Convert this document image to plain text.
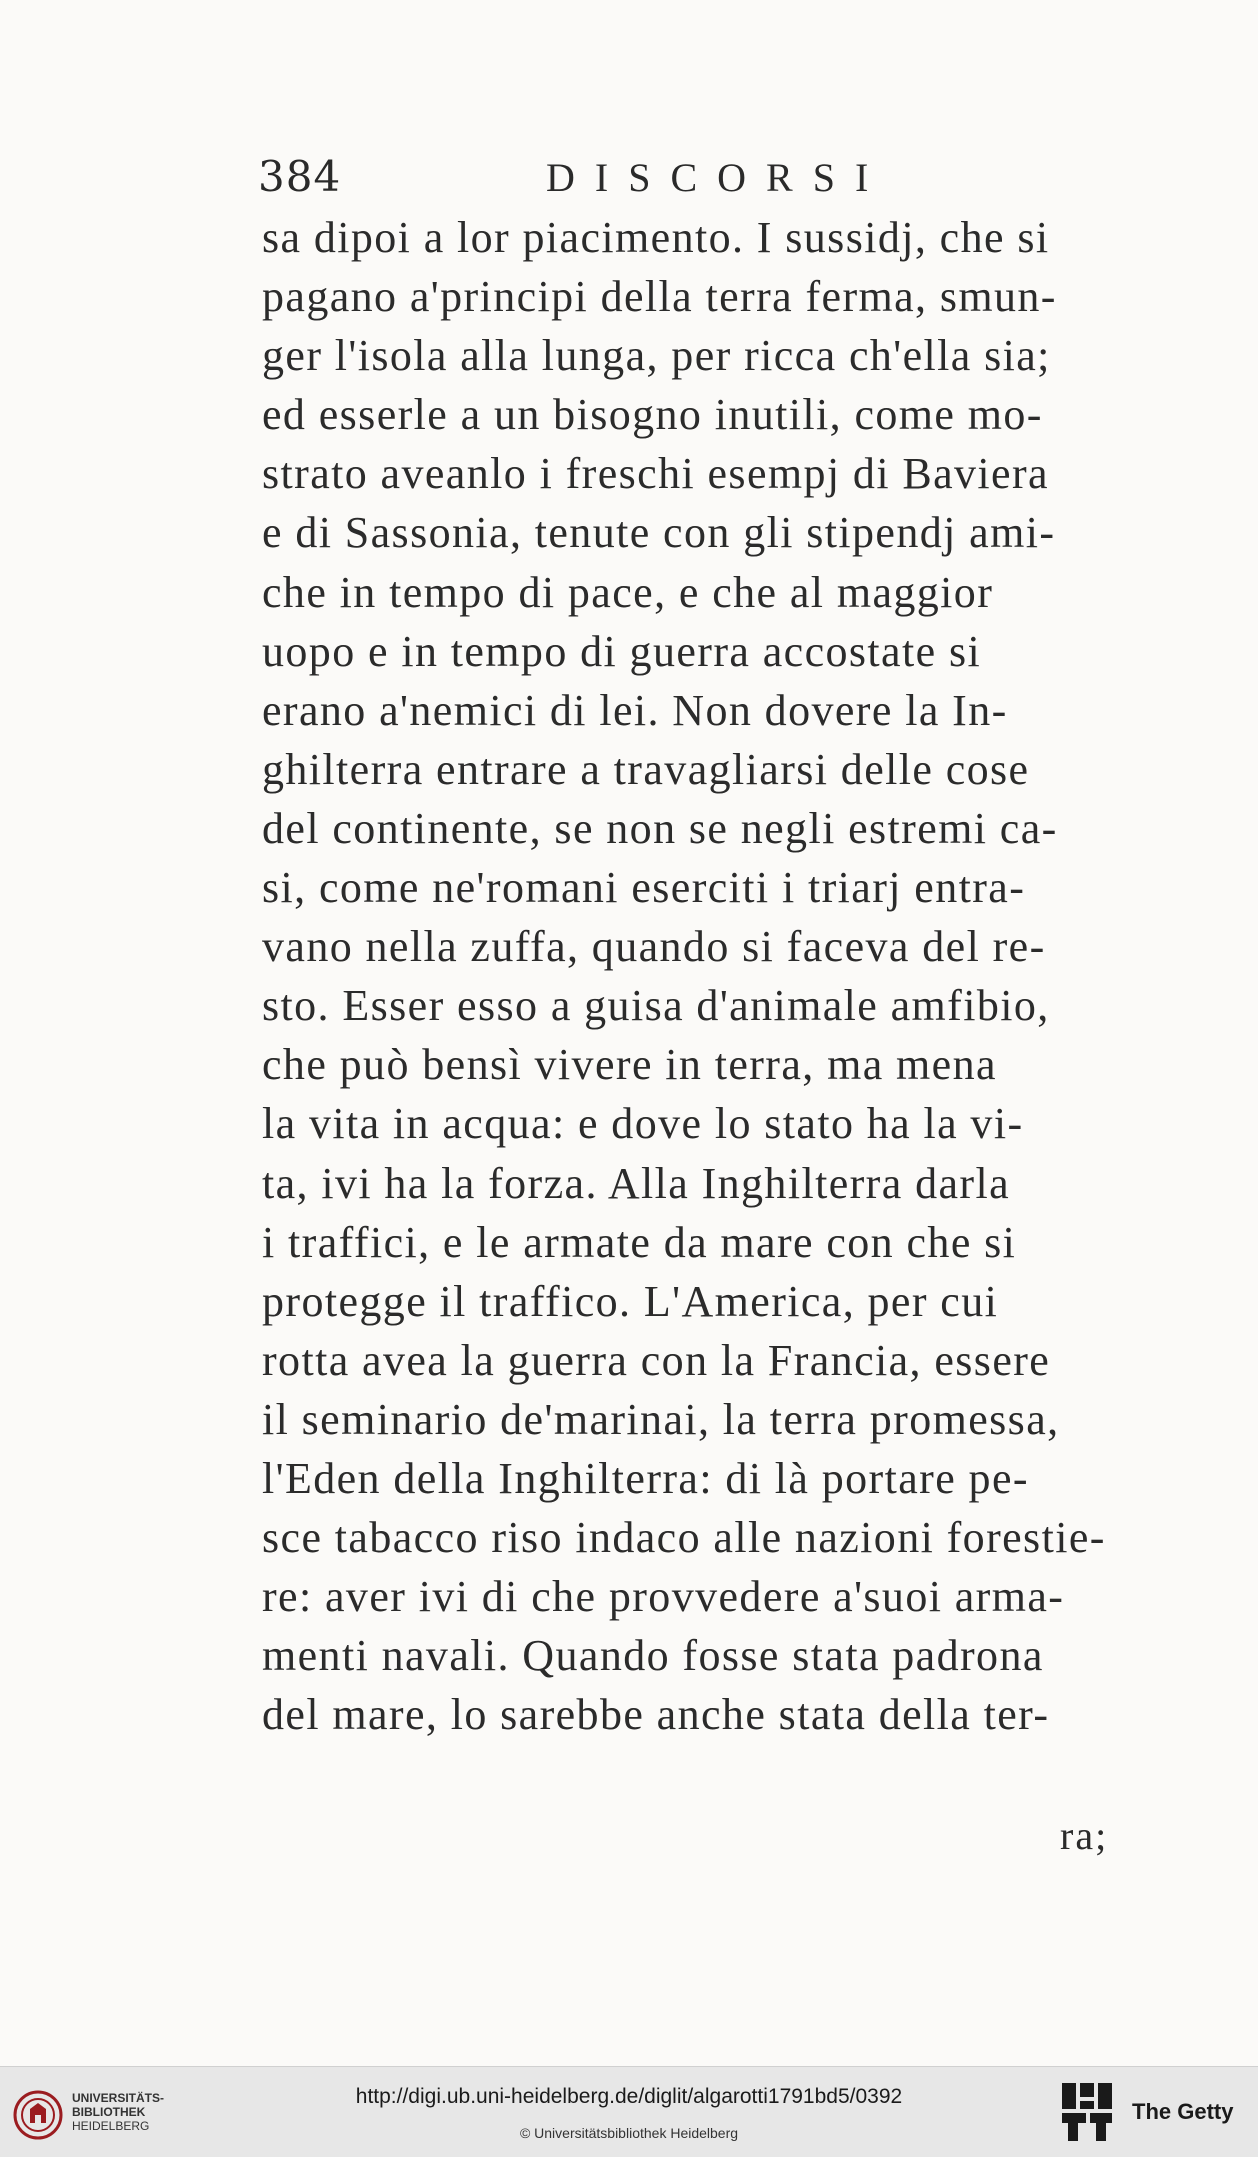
384	DISCORSI
sa dipoi a lor piacimento. I sussidj, che si
pagano a'principi della terra ferma, smun-
ger l'isola alla lunga, per ricca ch'ella sia;
ed esserle a un bisogno inutili, come mo-
strato aveanlo i freschi esempj di Baviera
e di Sassonia, tenute con gli stipendj ami-
che in tempo di pace, e che al maggior
uopo e in tempo di guerra accostate si
erano a'nemici di lei. Non dovere la In-
ghilterra entrare a travagliarsi delle cose
del continente, se non se negli estremi ca-
si, come ne'romani eserciti i triarj entra-
vano nella zuffa, quando si faceva del re-
sto. Esser esso a guisa d'animale amfibio,
che può bensì vivere in terra, ma mena
la vita in acqua: e dove lo stato ha la vi-
ta, ivi ha la forza. Alla Inghilterra darla
i traffici, e le armate da mare con che si
protegge il traffico. L'America, per cui
rotta avea la guerra con la Francia, essere
il seminario de'marinai, la terra promessa,
l'Eden della Inghilterra: di là portare pe-
sce tabacco riso indaco alle nazioni forestie-
re: aver ivi di che provvedere a'suoi arma-
menti navali. Quando fosse stata padrona
del mare, lo sarebbe anche stata della ter-
ra;
UNIVERSITÄTS-
BIBLIOTHEK
HEIDELBERG
http://digi.ub.uni-heidelberg.de/diglit/algarotti1791bd5/0392
© Universitätsbibliothek Heidelberg
The Getty
